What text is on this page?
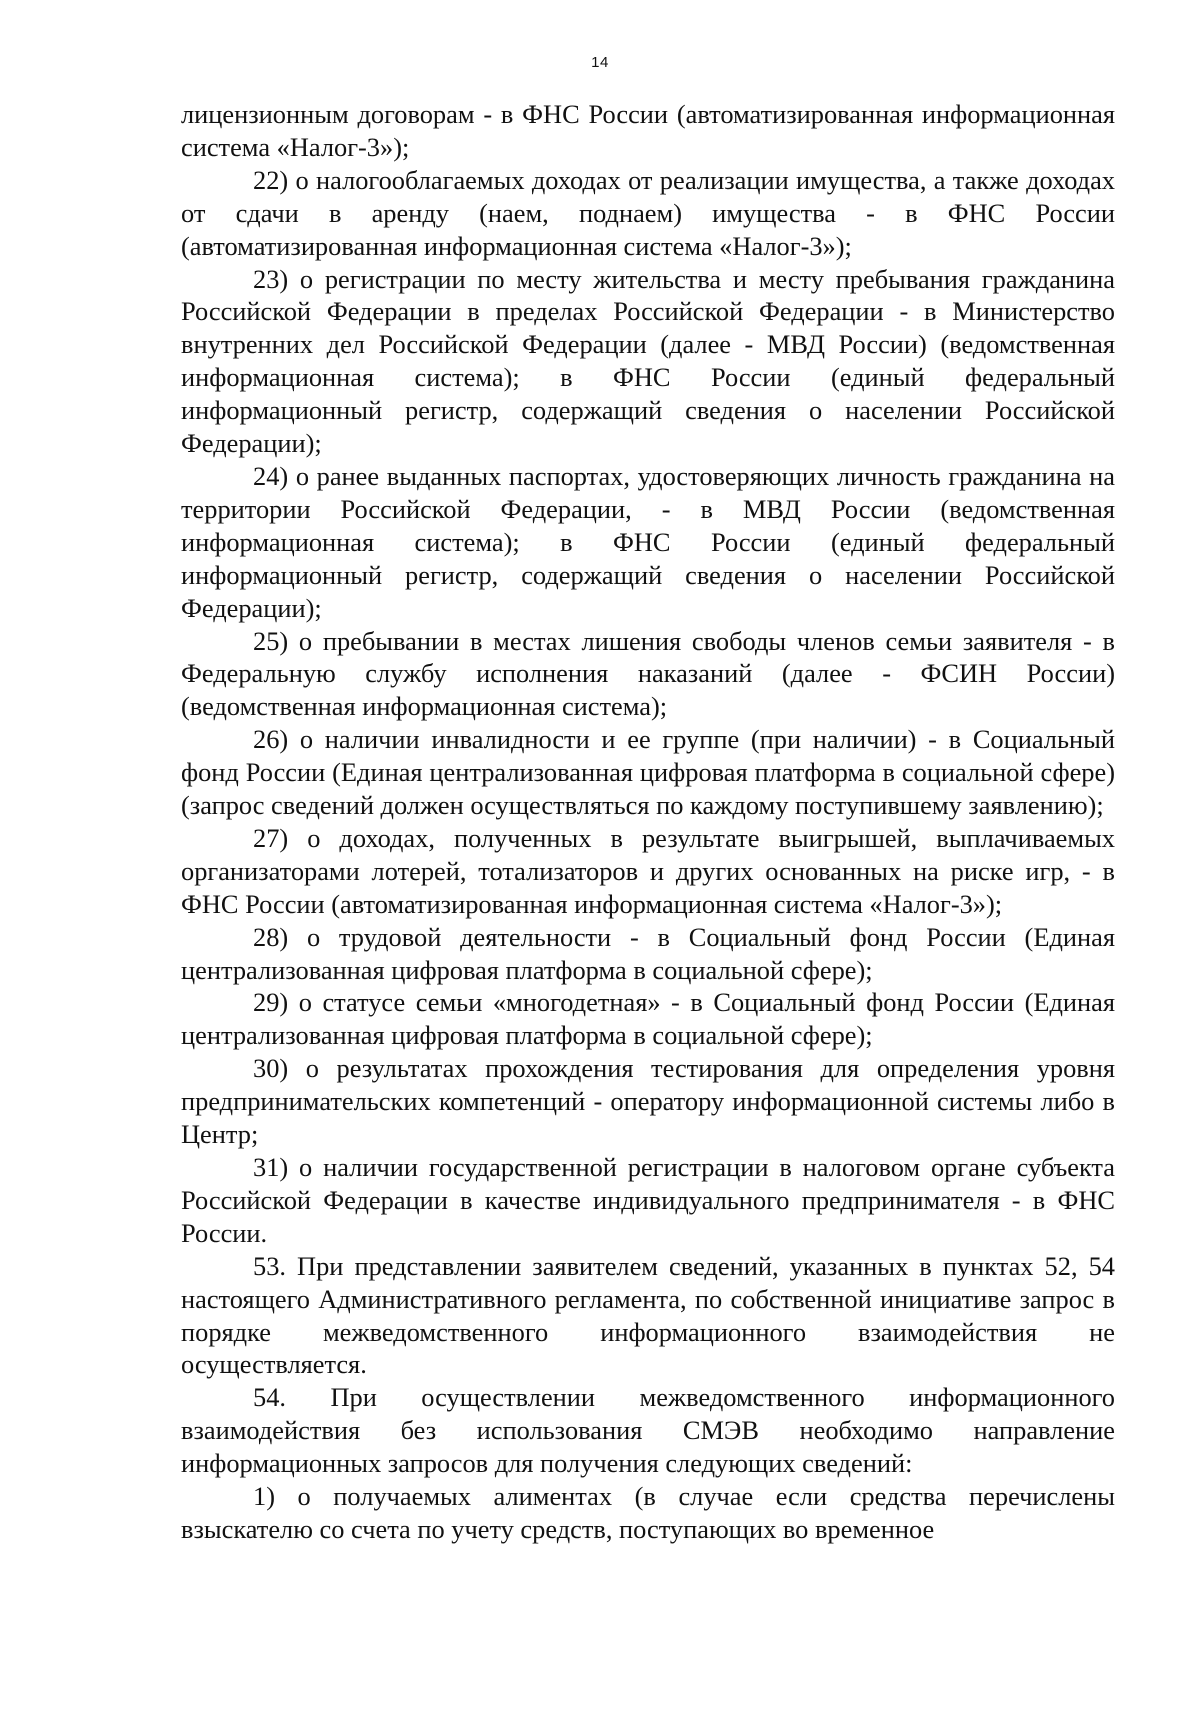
14

лицензионным договорам - в ФНС России (автоматизированная информационная система «Налог-3»);

22) о налогооблагаемых доходах от реализации имущества, а также доходах от сдачи в аренду (наем, поднаем) имущества - в ФНС России (автоматизированная информационная система «Налог-3»);

23) о регистрации по месту жительства и месту пребывания гражданина Российской Федерации в пределах Российской Федерации - в Министерство внутренних дел Российской Федерации (далее - МВД России) (ведомственная информационная система); в ФНС России (единый федеральный информационный регистр, содержащий сведения о населении Российской Федерации);

24) о ранее выданных паспортах, удостоверяющих личность гражданина на территории Российской Федерации, - в МВД России (ведомственная информационная система); в ФНС России (единый федеральный информационный регистр, содержащий сведения о населении Российской Федерации);

25) о пребывании в местах лишения свободы членов семьи заявителя - в Федеральную службу исполнения наказаний (далее - ФСИН России) (ведомственная информационная система);

26) о наличии инвалидности и ее группе (при наличии) - в Социальный фонд России (Единая централизованная цифровая платформа в социальной сфере) (запрос сведений должен осуществляться по каждому поступившему заявлению);

27) о доходах, полученных в результате выигрышей, выплачиваемых организаторами лотерей, тотализаторов и других основанных на риске игр, - в ФНС России (автоматизированная информационная система «Налог-3»);

28) о трудовой деятельности - в Социальный фонд России (Единая централизованная цифровая платформа в социальной сфере);

29) о статусе семьи «многодетная» - в Социальный фонд России (Единая централизованная цифровая платформа в социальной сфере);

30) о результатах прохождения тестирования для определения уровня предпринимательских компетенций - оператору информационной системы либо в Центр;

31) о наличии государственной регистрации в налоговом органе субъекта Российской Федерации в качестве индивидуального предпринимателя - в ФНС России.

53. При представлении заявителем сведений, указанных в пунктах 52, 54 настоящего Административного регламента, по собственной инициативе запрос в порядке межведомственного информационного взаимодействия не осуществляется.

54. При осуществлении межведомственного информационного взаимодействия без использования СМЭВ необходимо направление информационных запросов для получения следующих сведений:

1) о получаемых алиментах (в случае если средства перечислены взыскателю со счета по учету средств, поступающих во временное
